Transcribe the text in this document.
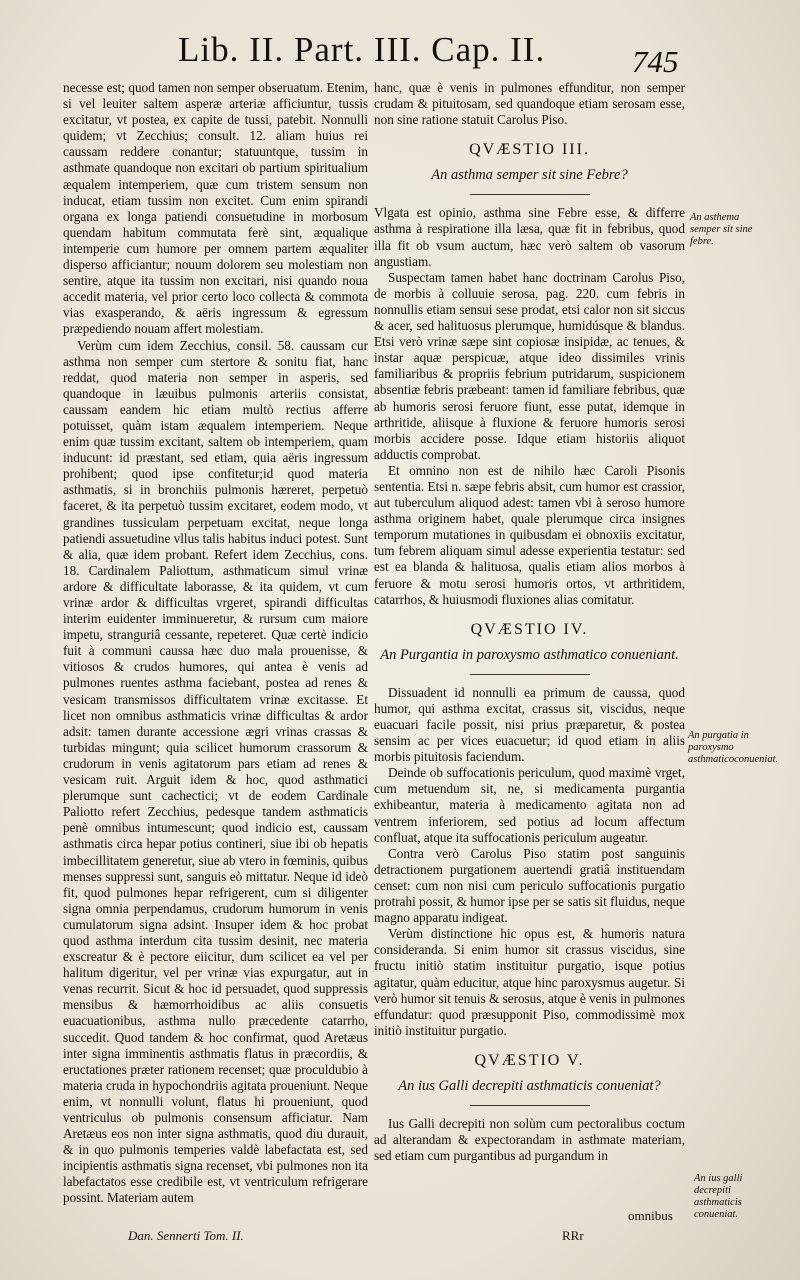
Lib. II. Part. III. Cap. II.	745

necesse est; quod tamen non semper obseruatum. Etenim, si vel leuiter saltem asperæ arteriæ afficiuntur, tussis excitatur, vt postea, ex capite de tussi, patebit. Nonnulli quidem; vt Zecchius; consult. 12. aliam huius rei caussam reddere conantur; statuuntque, tussim in asthmate quandoque non excitari ob partium spiritualium æqualem intemperiem, quæ cum tristem sensum non inducat, etiam tussim non excitet. Cum enim spirandi organa ex longa patiendi consuetudine in morbosum quendam habitum commutata ferè sint, æqualique intemperie cum humore per omnem partem æqualiter disperso afficiantur; nouum dolorem seu molestiam non sentire, atque ita tussim non excitari, nisi quando noua accedit materia, vel prior certo loco collecta & commota vias exasperando, & aëris ingressum & egressum præpediendo nouam affert molestiam.

Verùm cum idem Zecchius, consil. 58. caussam cur asthma non semper cum stertore & sonitu fiat, hanc reddat, quod materia non semper in asperis, sed quandoque in læuibus pulmonis arteriis consistat, caussam eandem hic etiam multò rectius afferre potuisset, quàm istam æqualem intemperiem. Neque enim quæ tussim excitant, saltem ob intemperiem, quam inducunt: id præstant, sed etiam, quia aëris ingressum prohibent; quod ipse confitetur;id quod materia asthmatis, si in bronchiis pulmonis hæreret, perpetuò faceret, & ita perpetuò tussim excitaret, eodem modo, vt grandines tussiculam perpetuam excitat, neque longa patiendi assuetudine vllus talis habitus induci potest. Sunt & alia, quæ idem probant. Refert idem Zecchius, cons. 18. Cardinalem Paliottum, asthmaticum simul vrinæ ardore & difficultate laborasse, & ita quidem, vt cum vrinæ ardor & difficultas vrgeret, spirandi difficultas interim euidenter imminueretur, & rursum cum maiore impetu, stranguriâ cessante, repeteret. Quæ certè indicio fuit à communi caussa hæc duo mala prouenisse, & vitiosos & crudos humores, qui antea è venis ad pulmones ruentes asthma faciebant, postea ad renes & vesicam transmissos difficultatem vrinæ excitasse. Et licet non omnibus asthmaticis vrinæ difficultas & ardor adsit: tamen durante accessione ægri vrinas crassas & turbidas mingunt; quia scilicet humorum crassorum & crudorum in venis agitatorum pars etiam ad renes & vesicam ruit. Arguit idem & hoc, quod asthmatici plerumque sunt cachectici; vt de eodem Cardinale Paliotto refert Zecchius, pedesque tandem asthmaticis penè omnibus intumescunt; quod indicio est, caussam asthmatis circa hepar potius contineri, siue ibi ob hepatis imbecillitatem generetur, siue ab vtero in fœminis, quibus menses suppressi sunt, sanguis eò mittatur. Neque id ideò fit, quod pulmones hepar refrigerent, cum si diligenter signa omnia perpendamus, crudorum humorum in venis cumulatorum signa adsint. Insuper idem & hoc probat quod asthma interdum cita tussim desinit, nec materia exscreatur & è pectore eiicitur, dum scilicet ea vel per halitum digeritur, vel per vrinæ vias expurgatur, aut in venas recurrit. Sicut & hoc id persuadet, quod suppressis mensibus & hæmorrhoidibus ac aliis consuetis euacuationibus, asthma nullo præcedente catarrho, succedit. Quod tandem & hoc confirmat, quod Aretæus inter signa imminentis asthmatis flatus in præcordiis, & eructationes præter rationem recenset; quæ proculdubio à materia cruda in hypochondriis agitata proueniunt. Neque enim, vt nonnulli volunt, flatus hi proueniunt, quod ventriculus ob pulmonis consensum afficiatur. Nam Aretæus eos non inter signa asthmatis, quod diu durauit, & in quo pulmonis temperies valdè labefactata est, sed incipientis asthmatis signa recenset, vbi pulmones non ita labefactatos esse credibile est, vt ventriculum refrigerare possint. Materiam autem

hanc, quæ è venis in pulmones effunditur, non semper crudam & pituitosam, sed quandoque etiam serosam esse, non sine ratione statuit Carolus Piso.

QVÆSTIO III.
An asthma semper sit sine Febre?

Vlgata est opinio, asthma sine Febre esse, & differre asthma à respiratione illa læsa, quæ fit in febribus, quod illa fit ob vsum auctum, hæc verò saltem ob vasorum angustiam.

Suspectam tamen habet hanc doctrinam Carolus Piso, de morbis à colluuie serosa, pag. 220. cum febris in nonnullis etiam sensui sese prodat, etsi calor non sit siccus & acer, sed halituosus plerumque, humidúsque & blandus. Etsi verò vrinæ sæpe sint copiosæ insipidæ, ac tenues, & instar aquæ perspicuæ, atque ideo dissimiles vrinis familiaribus & propriis febrium putridarum, suspicionem absentiæ febris præbeant: tamen id familiare febribus, quæ ab humoris serosi feruore fiunt, esse putat, idemque in arthritide, aliisque à fluxione & feruore humoris serosi morbis accidere posse. Idque etiam historiis aliquot adductis comprobat.

Et omnino non est de nihilo hæc Caroli Pisonis sententia. Etsi n. sæpe febris absit, cum humor est crassior, aut tuberculum aliquod adest: tamen vbi à seroso humore asthma originem habet, quale plerumque circa insignes temporum mutationes in quibusdam ei obnoxiis excitatur, tum febrem aliquam simul adesse experientia testatur: sed est ea blanda & halituosa, qualis etiam alios morbos à feruore & motu serosi humoris ortos, vt arthritidem, catarrhos, & huiusmodi fluxiones alias comitatur.

QVÆSTIO IV.
An Purgantia in paroxysmo asthmatico conueniant.

Dissuadent id nonnulli ea primum de caussa, quod humor, qui asthma excitat, crassus sit, viscidus, neque euacuari facile possit, nisi prius præparetur, & postea sensim ac per vices euacuetur; id quod etiam in aliis morbis pituitosis faciendum.

Deinde ob suffocationis periculum, quod maximè vrget, cum metuendum sit, ne, si medicamenta purgantia exhibeantur, materia à medicamento agitata non ad ventrem inferiorem, sed potius ad locum affectum confluat, atque ita suffocationis periculum augeatur.

Contra verò Carolus Piso statim post sanguinis detractionem purgationem auertendi gratiâ instituendam censet: cum non nisi cum periculo suffocationis purgatio protrahi possit, & humor ipse per se satis sit fluidus, neque magno apparatu indigeat.

Verùm distinctione hic opus est, & humoris natura consideranda. Si enim humor sit crassus viscidus, sine fructu initiò statim instituitur purgatio, isque potius agitatur, quàm educitur, atque hinc paroxysmus augetur. Si verò humor sit tenuis & serosus, atque è venis in pulmones effundatur: quod præsupponit Piso, commodissimè mox initiò instituitur purgatio.

QVÆSTIO V.
An ius Galli decrepiti asthmaticis conueniat?

Ius Galli decrepiti non solùm cum pectoralibus coctum ad alterandam & expectorandam in asthmate materiam, sed etiam cum purgantibus ad purgandum in

An asthema semper sit sine febre.
An purgatia in paroxysmo asthmaticoconueniat.
An ius galli decrepiti asthmaticis conueniat.
Dan. Sennerti Tom. II.	RRr
omnibus
